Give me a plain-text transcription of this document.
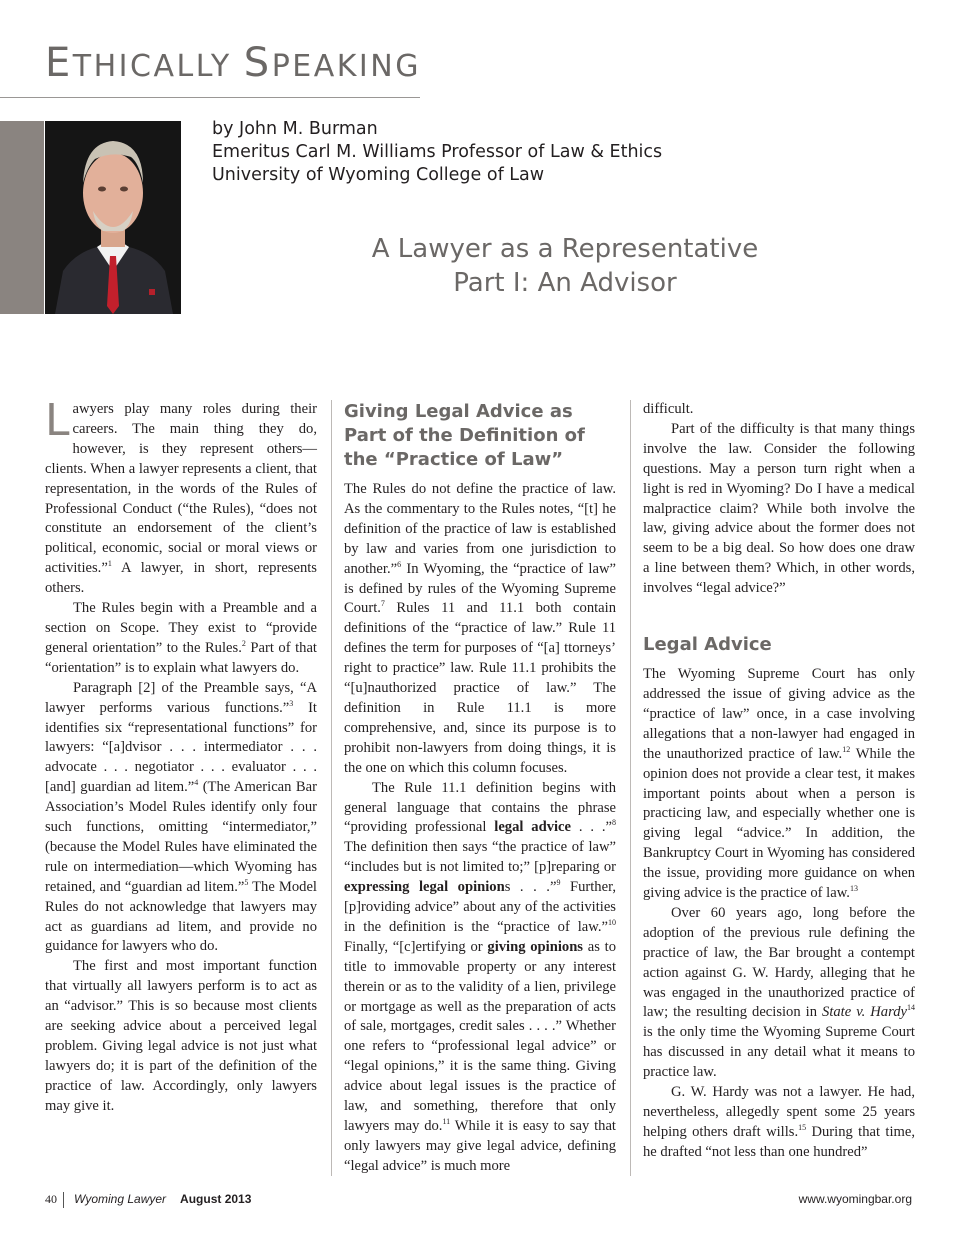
ETHICALLY SPEAKING
by John M. Burman
Emeritus Carl M. Williams Professor of Law & Ethics
University of Wyoming College of Law
A Lawyer as a Representative
Part I: An Advisor

Lawyers play many roles during their careers. The main thing they do, however, is they represent others—clients. When a lawyer represents a client, that representation, in the words of the Rules of Professional Conduct (“the Rules), “does not constitute an endorsement of the client’s political, economic, social or moral views or activities.”$^1$ A lawyer, in short, represents others.

The Rules begin with a Preamble and a section on Scope. They exist to “provide general orientation” to the Rules.$^2$ Part of that “orientation” is to explain what lawyers do.

Paragraph [2] of the Preamble says, “A lawyer performs various functions.”$^3$ It identifies six “representational functions” for lawyers: “[a]dvisor . . . intermediator . . . advocate . . . negotiator . . . evaluator . . . [and] guardian ad litem.”$^4$ (The American Bar Association’s Model Rules identify only four such functions, omitting “intermediator,” (because the Model Rules have eliminated the rule on intermediation—which Wyoming has retained, and “guardian ad litem.”$^5$ The Model Rules do not acknowledge that lawyers may act as guardians ad litem, and provide no guidance for lawyers who do.

The first and most important function that virtually all lawyers perform is to act as an “advisor.” This is so because most clients are seeking advice about a perceived legal problem. Giving legal advice is not just what lawyers do; it is part of the definition of the practice of law. Accordingly, only lawyers may give it.

Giving Legal Advice as Part of the Definition of the “Practice of Law”

The Rules do not define the practice of law. As the commentary to the Rules notes, “[t] he definition of the practice of law is established by law and varies from one jurisdiction to another.”$^6$ In Wyoming, the “practice of law” is defined by rules of the Wyoming Supreme Court.$^7$ Rules 11 and 11.1 both contain definitions of the “practice of law.” Rule 11 defines the term for purposes of “[a] ttorneys’ right to practice” law. Rule 11.1 prohibits the “[u]nauthorized practice of law.” The definition in Rule 11.1 is more comprehensive, and, since its purpose is to prohibit non-lawyers from doing things, it is the one on which this column focuses.

The Rule 11.1 definition begins with general language that contains the phrase “providing professional legal advice . . .”$^8$ The definition then says “the practice of law” “includes but is not limited to;” [p]reparing or expressing legal opinions . . .”$^9$ Further, [p]roviding advice” about any of the activities in the definition is the “practice of law.”$^{10}$ Finally, “[c]ertifying or giving opinions as to title to immovable property or any interest therein or as to the validity of a lien, privilege or mortgage as well as the preparation of acts of sale, mortgages, credit sales . . . .” Whether one refers to “professional legal advice” or “legal opinions,” it is the same thing. Giving advice about legal issues is the practice of law, and something, therefore that only lawyers may do.$^{11}$ While it is easy to say that only lawyers may give legal advice, defining “legal advice” is much more

difficult.

Part of the difficulty is that many things involve the law. Consider the following questions. May a person turn right when a light is red in Wyoming? Do I have a medical malpractice claim? While both involve the law, giving advice about the former does not seem to be a big deal. So how does one draw a line between them? Which, in other words, involves “legal advice?”

Legal Advice

The Wyoming Supreme Court has only addressed the issue of giving advice as the “practice of law” once, in a case involving allegations that a non-lawyer had engaged in the unauthorized practice of law.$^{12}$ While the opinion does not provide a clear test, it makes important points about when a person is practicing law, and especially whether one is giving legal “advice.” In addition, the Bankruptcy Court in Wyoming has considered the issue, providing more guidance on when giving advice is the practice of law.$^{13}$

Over 60 years ago, long before the adoption of the previous rule defining the practice of law, the Bar brought a contempt action against G. W. Hardy, alleging that he was engaged in the unauthorized practice of law; the resulting decision in State v. Hardy$^{14}$ is the only time the Wyoming Supreme Court has discussed in any detail what it means to practice law.

G. W. Hardy was not a lawyer. He had, nevertheless, allegedly spent some 25 years helping others draft wills.$^{15}$ During that time, he drafted “not less than one hundred”

40 Wyoming Lawyer August 2013	www.wyomingbar.org
